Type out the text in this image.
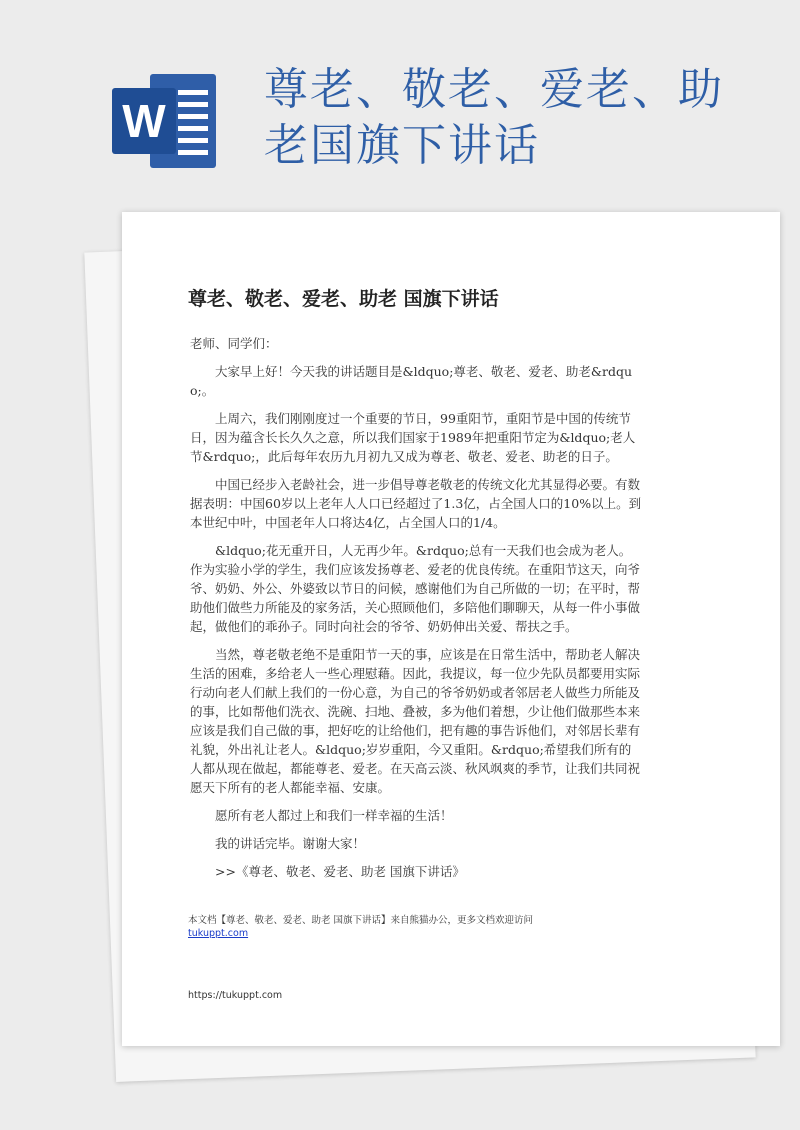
W
尊老、敬老、爱老、助老国旗下讲话
尊老、敬老、爱老、助老 国旗下讲话

老师、同学们：

大家早上好！今天我的讲话题目是&ldquo;尊老、敬老、爱老、助老&rdquo;。

上周六，我们刚刚度过一个重要的节日，99重阳节，重阳节是中国的传统节日，因为蕴含长长久久之意，所以我们国家于1989年把重阳节定为&ldquo;老人节&rdquo;，此后每年农历九月初九又成为尊老、敬老、爱老、助老的日子。

中国已经步入老龄社会，进一步倡导尊老敬老的传统文化尤其显得必要。有数据表明：中国60岁以上老年人人口已经超过了1.3亿，占全国人口的10%以上。到本世纪中叶，中国老年人口将达4亿，占全国人口的1/4。

&ldquo;花无重开日，人无再少年。&rdquo;总有一天我们也会成为老人。作为实验小学的学生，我们应该发扬尊老、爱老的优良传统。在重阳节这天，向爷爷、奶奶、外公、外婆致以节日的问候，感谢他们为自己所做的一切；在平时，帮助他们做些力所能及的家务活，关心照顾他们，多陪他们聊聊天，从每一件小事做起，做他们的乖孙子。同时向社会的爷爷、奶奶伸出关爱、帮扶之手。

当然，尊老敬老绝不是重阳节一天的事，应该是在日常生活中，帮助老人解决生活的困难，多给老人一些心理慰藉。因此，我提议，每一位少先队员都要用实际行动向老人们献上我们的一份心意，为自己的爷爷奶奶或者邻居老人做些力所能及的事，比如帮他们洗衣、洗碗、扫地、叠被，多为他们着想，少让他们做那些本来应该是我们自己做的事，把好吃的让给他们，把有趣的事告诉他们，对邻居长辈有礼貌，外出礼让老人。&ldquo;岁岁重阳，今又重阳。&rdquo;希望我们所有的人都从现在做起，都能尊老、爱老。在天高云淡、秋风飒爽的季节，让我们共同祝愿天下所有的老人都能幸福、安康。

愿所有老人都过上和我们一样幸福的生活！

我的讲话完毕。谢谢大家！

>>《尊老、敬老、爱老、助老 国旗下讲话》

本文档【尊老、敬老、爱老、助老 国旗下讲话】来自熊猫办公，更多文档欢迎访问
tukuppt.com
https://tukuppt.com
